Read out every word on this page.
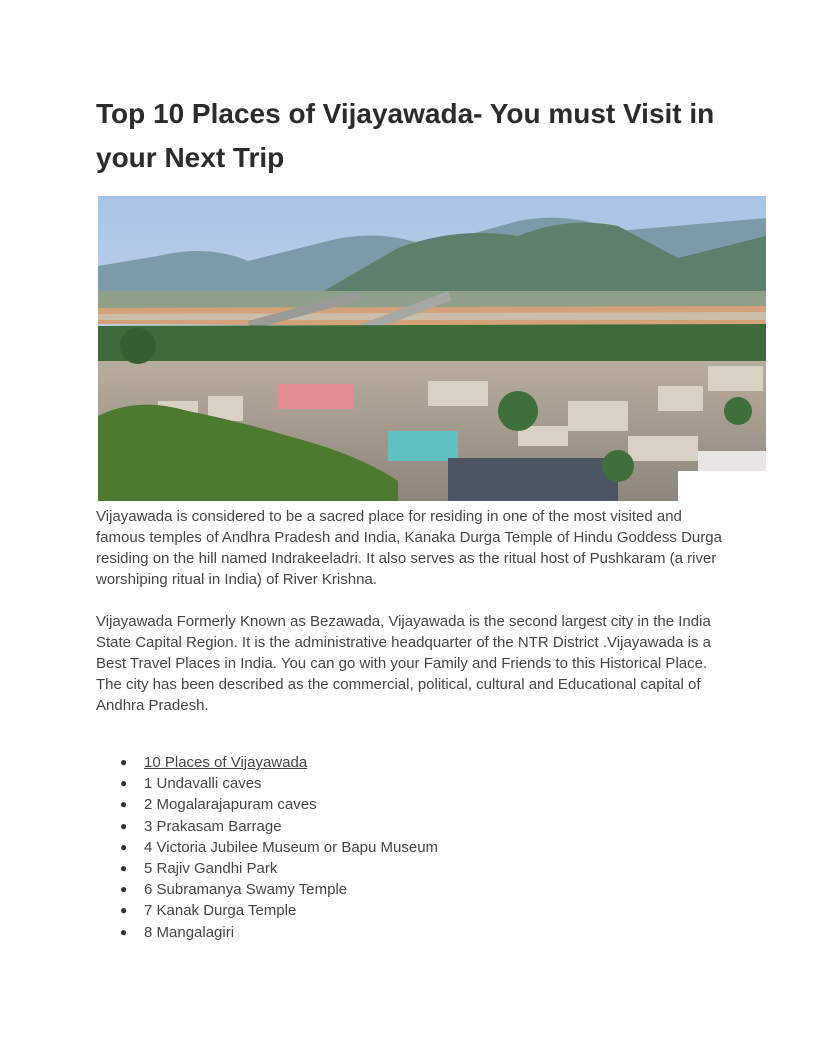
Top 10 Places of Vijayawada- You must Visit in your Next Trip

Vijayawada is considered to be a sacred place for residing in one of the most visited and famous temples of Andhra Pradesh and India, Kanaka Durga Temple of Hindu Goddess Durga residing on the hill named Indrakeeladri. It also serves as the ritual host of Pushkaram (a river worshiping ritual in India) of River Krishna.

Vijayawada Formerly Known as Bezawada, Vijayawada is the second largest city in the India State Capital Region. It is the administrative headquarter of the NTR District .Vijayawada is a Best Travel Places in India. You can go with your Family and Friends to this Historical Place. The city has been described as the commercial, political, cultural and Educational capital of Andhra Pradesh.

● 10 Places of Vijayawada
● 1 Undavalli caves
● 2 Mogalarajapuram caves
● 3 Prakasam Barrage
● 4 Victoria Jubilee Museum or Bapu Museum
● 5 Rajiv Gandhi Park
● 6 Subramanya Swamy Temple
● 7 Kanak Durga Temple
● 8 Mangalagiri
